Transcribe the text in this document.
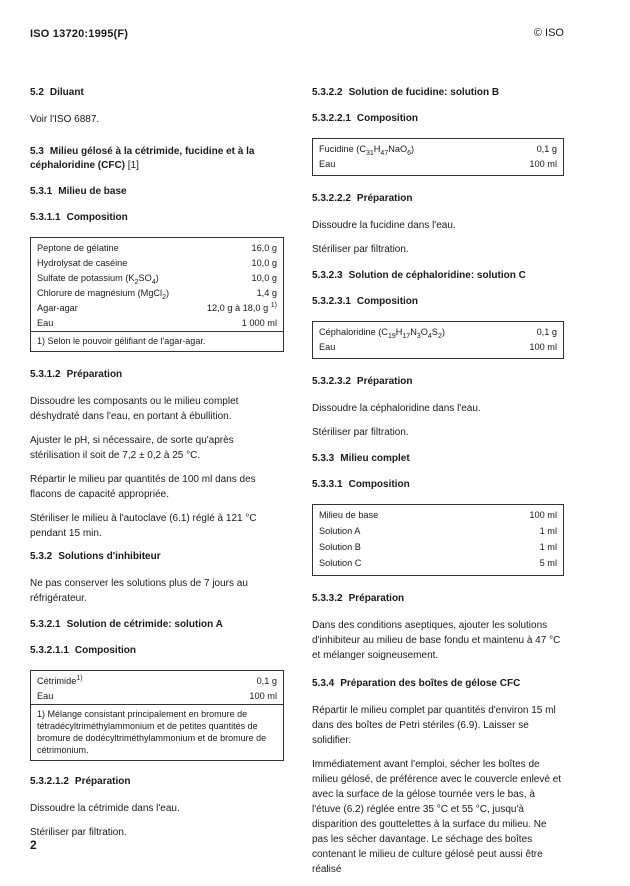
ISO 13720:1995(F)	© ISO
5.2 Diluant

Voir l'ISO 6887.

5.3 Milieu gélosé à la cétrimide, fucidine et à la céphaloridine (CFC) [1]
5.3.1 Milieu de base
5.3.1.1 Composition
Peptone de gélatine	16,0 g
Hydrolysat de caséine	10,0 g
Sulfate de potassium $(K_2SO_4)$	10,0 g
Chlorure de magnésium (MgCl$_2$)	1,4 g
Agar-agar	12,0 g à 18,0 g $^{1)}$
Eau	1 000 ml
1) Selon le pouvoir gélifiant de l'agar-agar.
5.3.1.2 Préparation

Dissoudre les composants ou le milieu complet déshydraté dans l'eau, en portant à ébullition.

Ajuster le pH, si nécessaire, de sorte qu'après stérilisation il soit de 7,2 ± 0,2 à 25 °C.

Répartir le milieu par quantités de 100 ml dans des flacons de capacité appropriée.

Stériliser le milieu à l'autoclave (6.1) réglé à 121 °C pendant 15 min.

5.3.2 Solutions d'inhibiteur

Ne pas conserver les solutions plus de 7 jours au réfrigérateur.

5.3.2.1 Solution de cétrimide: solution A
5.3.2.1.1 Composition
Cétrimide$^{1)}$	0,1 g
Eau	100 ml
1) Mélange consistant principalement en bromure de tétradécyltriméthylammonium et de petites quantités de bromure de dodécyltriméthylammonium et de bromure de cétrimonium.
5.3.2.1.2 Préparation

Dissoudre la cétrimide dans l'eau.

Stériliser par filtration.

5.3.2.2 Solution de fucidine: solution B
5.3.2.2.1 Composition
Fucidine $(C_{31}H_{47}NaO_6)$	0,1 g
Eau	100 ml
5.3.2.2.2 Préparation

Dissoudre la fucidine dans l'eau.

Stériliser par filtration.

5.3.2.3 Solution de céphaloridine: solution C
5.3.2.3.1 Composition
Céphaloridine $(C_{19}H_{17}N_3O_4S_2)$	0,1 g
Eau	100 ml
5.3.2.3.2 Préparation

Dissoudre la céphaloridine dans l'eau.

Stériliser par filtration.

5.3.3 Milieu complet
5.3.3.1 Composition
Milieu de base	100 ml
Solution A	1 ml
Solution B	1 ml
Solution C	5 ml
5.3.3.2 Préparation

Dans des conditions aseptiques, ajouter les solutions d'inhibiteur au milieu de base fondu et maintenu à 47 °C et mélanger soigneusement.

5.3.4 Préparation des boîtes de gélose CFC

Répartir le milieu complet par quantités d'environ 15 ml dans des boîtes de Petri stériles (6.9). Laisser se solidifier.

Immédiatement avant l'emploi, sécher les boîtes de milieu gélosé, de préférence avec le couvercle enlevé et avec la surface de la gélose tournée vers le bas, à l'étuve (6.2) réglée entre 35 °C et 55 °C, jusqu'à disparition des gouttelettes à la surface du milieu. Ne pas les sécher davantage. Le séchage des boîtes contenant le milieu de culture gélosé peut aussi être réalisé

2
